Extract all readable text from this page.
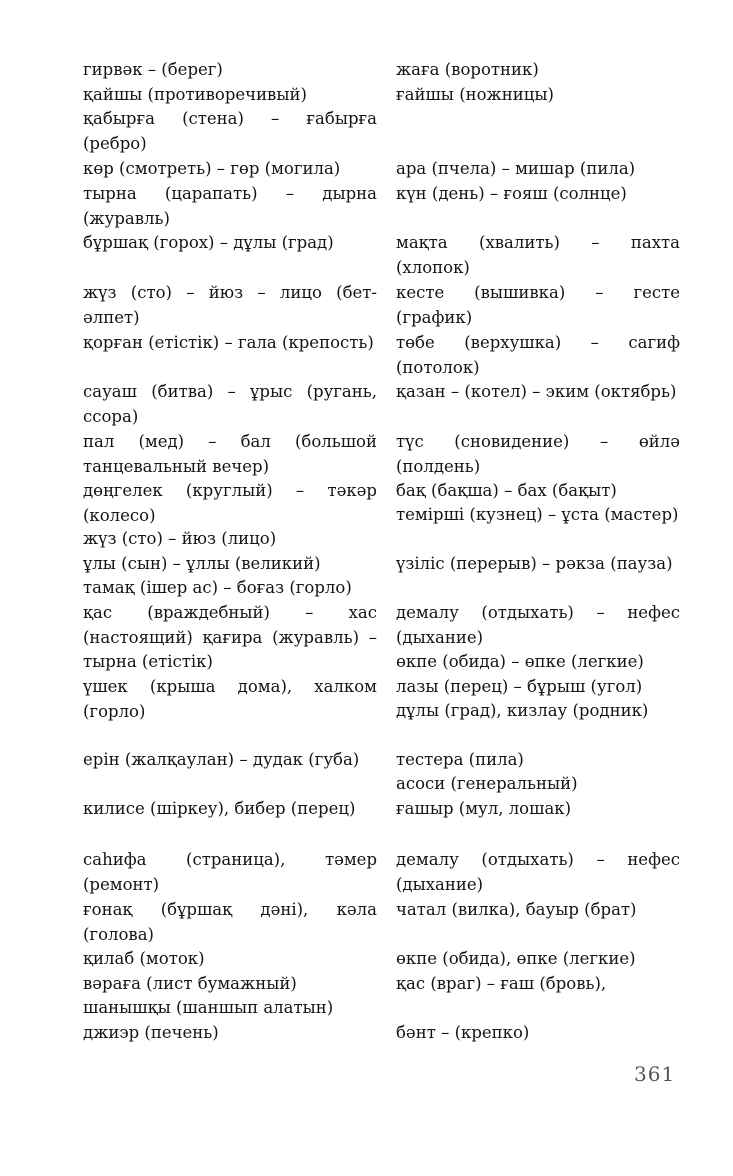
гирвәк – (берег)
қайшы (противоречивый)
қабырға (стена) – ғабырға (ребро)
көр (смотреть) – гөр (могила)
тырна (царапать) – дырна (журавль)
бұршақ (горох) – дұлы (град)
жүз (сто) – йюз – лицо (бет-әлпет)
қорған (етістік) – гала (крепость)
сауаш (битва) – ұрыс (ругань, ссора)
пал (мед) – бал (большой танцевальный вечер)
дөңгелек (круглый) – тәкәр (колесо)
жүз (сто) – йюз (лицо)
ұлы (сын) – ұллы (великий)
тамақ (ішер ас) – боғаз (горло)
қас (враждебный) – хас (настоящий) қағира (журавль) – тырна (етістік)
үшек (крыша дома), халком (горло)
ерін (жалқаулан) – дудак (губа)
килисе (шіркеу), бибер (перец)
саһифа (страница), тәмер (ремонт)
ғонақ (бұршақ дәні), кәла (голова)
қилаб (моток)
вәраға (лист бумажный)
шанышқы (шаншып алатын)
джиэр (печень)
жаға (воротник)
ғайшы (ножницы)
ара (пчела) – мишар (пила)
күн (день) – ғояш (солнце)
мақта (хвалить) – пахта (хлопок)
кесте (вышивка) – гесте (график)
төбе (верхушка) – сагиф (потолок)
қазан – (котел) – эким (октябрь)
түс (сновидение) – өйлә (полдень)
бақ (бақша) – бах (бақыт)
темірші (кузнец) – ұста (мастер)
үзіліс (перерыв) – рәкза (пауза)
демалу (отдыхать) – нефес (дыхание)
өкпе (обида) – өпке (легкие)
лазы (перец) – бұрыш (угол)
дұлы (град), кизлау (родник)
тестера (пила)
асоси (генеральный)
ғашыр (мул, лошак)
демалу (отдыхать) – нефес (дыхание)
чатал (вилка), бауыр (брат)
өкпе (обида), өпке (легкие)
қас (враг) – ғаш (бровь),
бәнт – (крепко)
361
